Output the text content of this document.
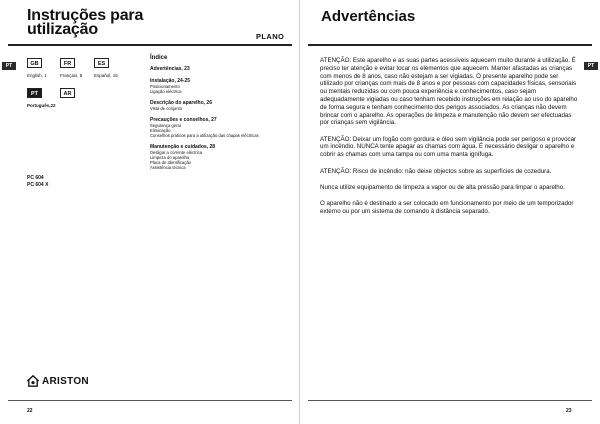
Instruções para
utilização	PLANO
PT	GB
English, 1
FR
Français, 8
ES
Español, 15
PT
Português,22
AR
PC 604
PC 604 X
Índice
Advertências, 23
Instalação, 24-25
Posicionamento
Ligação eléctrica
Descrição do aparelho, 26
Vista de conjunto
Precauções e conselhos, 27
Segurança geral
Eliminação
Conselhos práticos para a utilização das chapas eléctricas
Manutenção e cuidados, 28
Desligar a corrente eléctrica
Limpeza do aparelho
Placa de Identificação
Assistência técnica
ARISTON
22
Advertências
PT

ATENÇÃO: Este aparelho e as suas partes acessíveis aquecem muito durante a utilização. É preciso ter atenção e evitar tocar os elementos que aquecem. Manter afastadas as crianças com menos de 8 anos, caso não estejam a ser vigiadas. O presente aparelho pode ser utilizado por crianças com mais de 8 anos e por pessoas com capacidades físicas, sensoriais ou mentais reduzidas ou com pouca experiência e conhecimentos, caso sejam adequadamente vigiadas ou caso tenham recebido instruções em relação ao uso do aparelho de forma segura e tenham conhecimento dos perigos associados. As crianças não devem brincar com o aparelho. As operações de limpeza e manutenção não devem ser efectuadas por crianças sem vigilância.

ATENÇÃO: Deixar um fogão com gordura e óleo sem vigilância pode ser perigoso e provocar um incêndio. NUNCA tente apagar as chamas com água. É necessário desligar o aparelho e cobrir as chamas com uma tampa ou com uma manta ignífuga.

ATENÇÃO: Risco de incêndio: não deixe objectos sobre as superfícies de cozedura.

Nunca utilize equipamento de limpeza a vapor ou de alta pressão para limpar o aparelho.

O aparelho não é destinado a ser colocado em funcionamento por meio de um temporizador externo ou por um sistema de comando à distância separado.

23
